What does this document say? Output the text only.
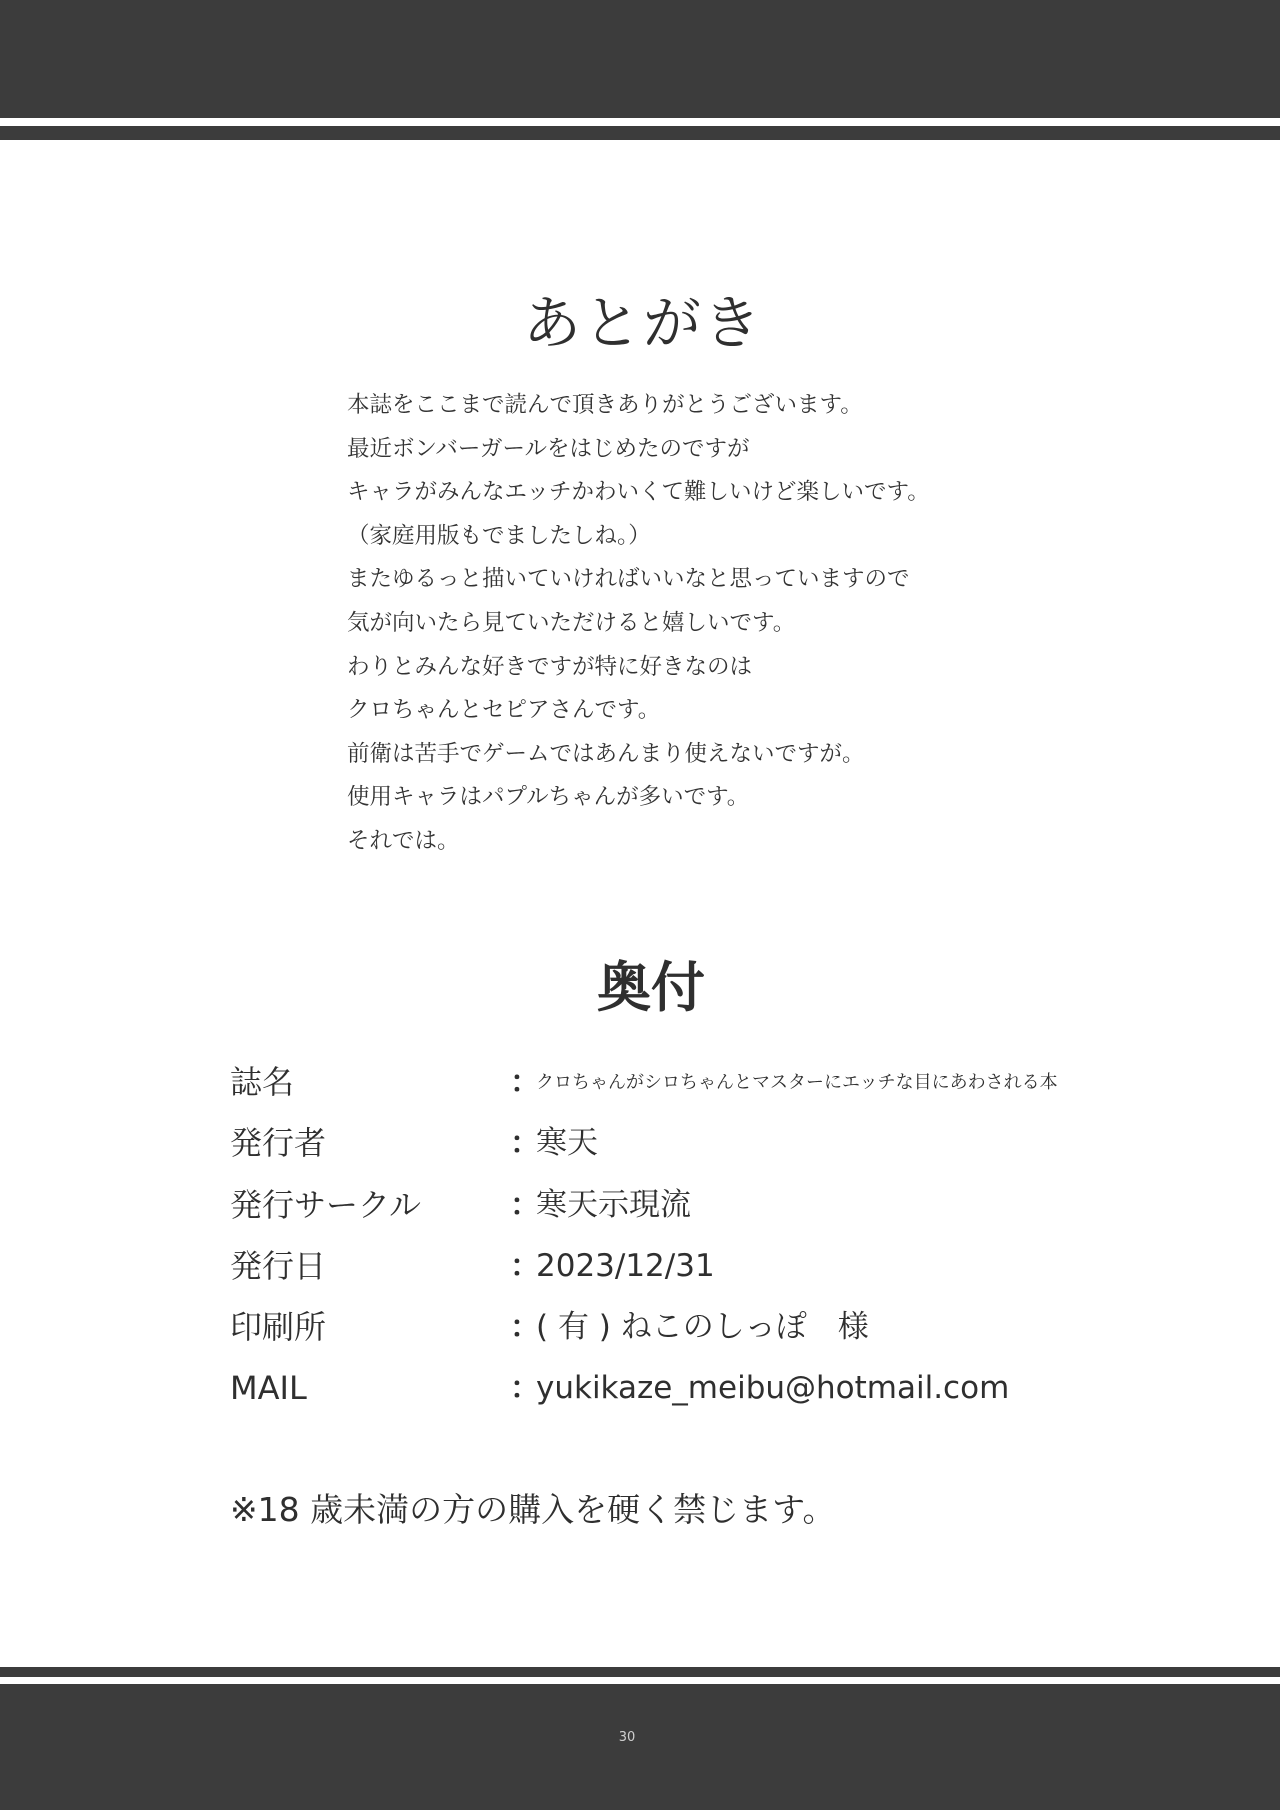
あとがき
本誌をここまで読んで頂きありがとうございます。
最近ボンバーガールをはじめたのですが
キャラがみんなエッチかわいくて難しいけど楽しいです。
（家庭用版もでましたしね。）
またゆるっと描いていければいいなと思っていますので
気が向いたら見ていただけると嬉しいです。
わりとみんな好きですが特に好きなのは
クロちゃんとセピアさんです。
前衛は苦手でゲームではあんまり使えないですが。
使用キャラはパプルちゃんが多いです。
それでは。
奥付
誌名	：
クロちゃんがシロちゃんとマスターにエッチな目にあわされる本
発行者	：
寒天
発行サークル	：
寒天示現流
発行日	：
2023/12/31
印刷所	：
( 有 ) ねこのしっぽ　様
MAIL	：
yukikaze_meibu@hotmail.com

※18 歳未満の方の購入を硬く禁じます。

30
